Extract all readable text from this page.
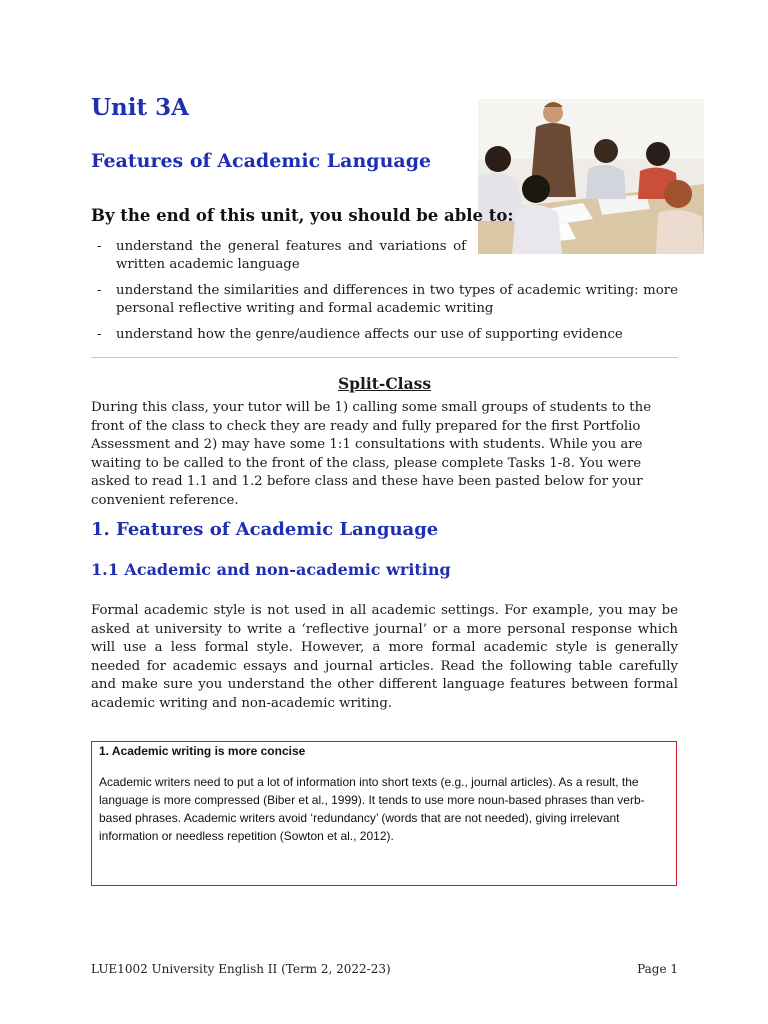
Unit 3A
Features of Academic Language
By the end of this unit, you should be able to:
- understand the general features and variations of written academic language
- understand the similarities and differences in two types of academic writing: more personal reflective writing and formal academic writing
- understand how the genre/audience affects our use of supporting evidence
Split-Class

During this class, your tutor will be 1) calling some small groups of students to the front of the class to check they are ready and fully prepared for the first Portfolio Assessment and 2) may have some 1:1 consultations with students. While you are waiting to be called to the front of the class, please complete Tasks 1-8. You were asked to read 1.1 and 1.2 before class and these have been pasted below for your convenient reference.

1. Features of Academic Language
1.1 Academic and non-academic writing

Formal academic style is not used in all academic settings. For example, you may be asked at university to write a ‘reflective journal’ or a more personal response which will use a less formal style. However, a more formal academic style is generally needed for academic essays and journal articles. Read the following table carefully and make sure you understand the other different language features between formal academic writing and non-academic writing.

1. Academic writing is more concise

Academic writers need to put a lot of information into short texts (e.g., journal articles). As a result, the language is more compressed (Biber et al., 1999). It tends to use more noun-based phrases than verb-based phrases. Academic writers avoid ‘redundancy’ (words that are not needed), giving irrelevant information or needless repetition (Sowton et al., 2012).

LUE1002 University English II (Term 2, 2022-23)	Page 1
